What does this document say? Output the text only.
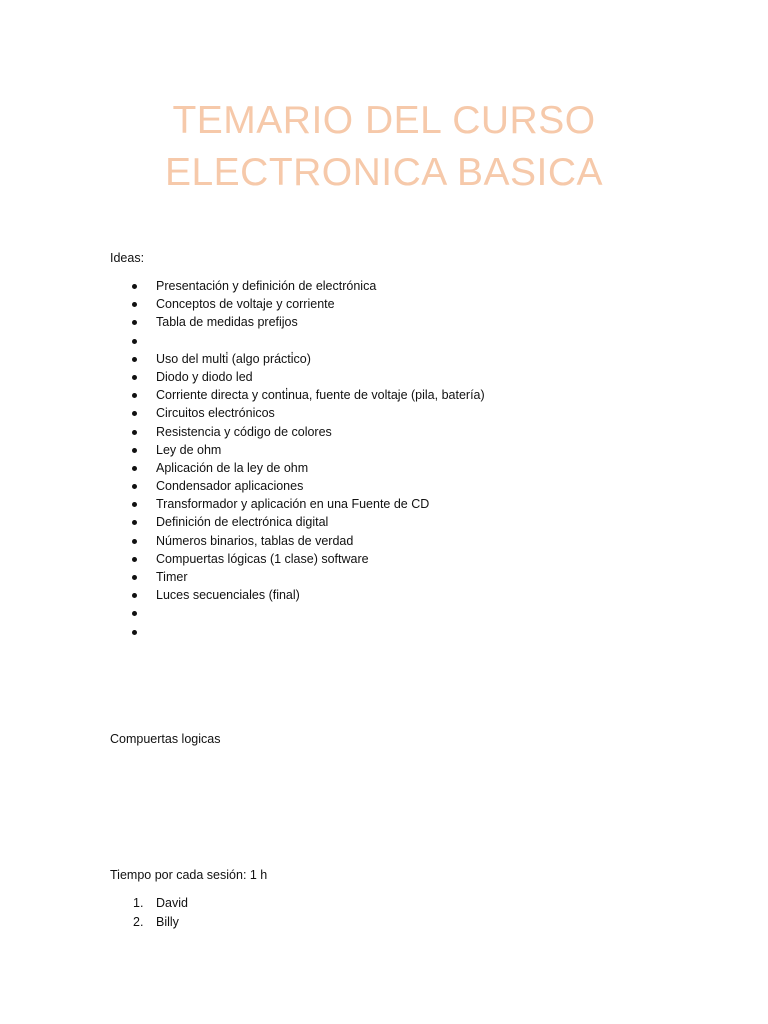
TEMARIO DEL CURSO
ELECTRONICA BASICA
Ideas:
Presentación y definición de electrónica
Conceptos de voltaje y corriente
Tabla de medidas prefijos
Uso del multi̇ (algo prácti̇co)
Diodo y diodo led
Corriente directa y conti̇nua, fuente de voltaje (pila, batería)
Circuitos electrónicos
Resistencia y código de colores
Ley de ohm
Aplicación de la ley de ohm
Condensador aplicaciones
Transformador y aplicación en una Fuente de CD
Definición de electrónica digital
Números binarios, tablas de verdad
Compuertas lógicas (1 clase) software
Timer
Luces secuenciales (final)
Compuertas logicas
Tiempo por cada sesión: 1 h
1. David
2. Billy
